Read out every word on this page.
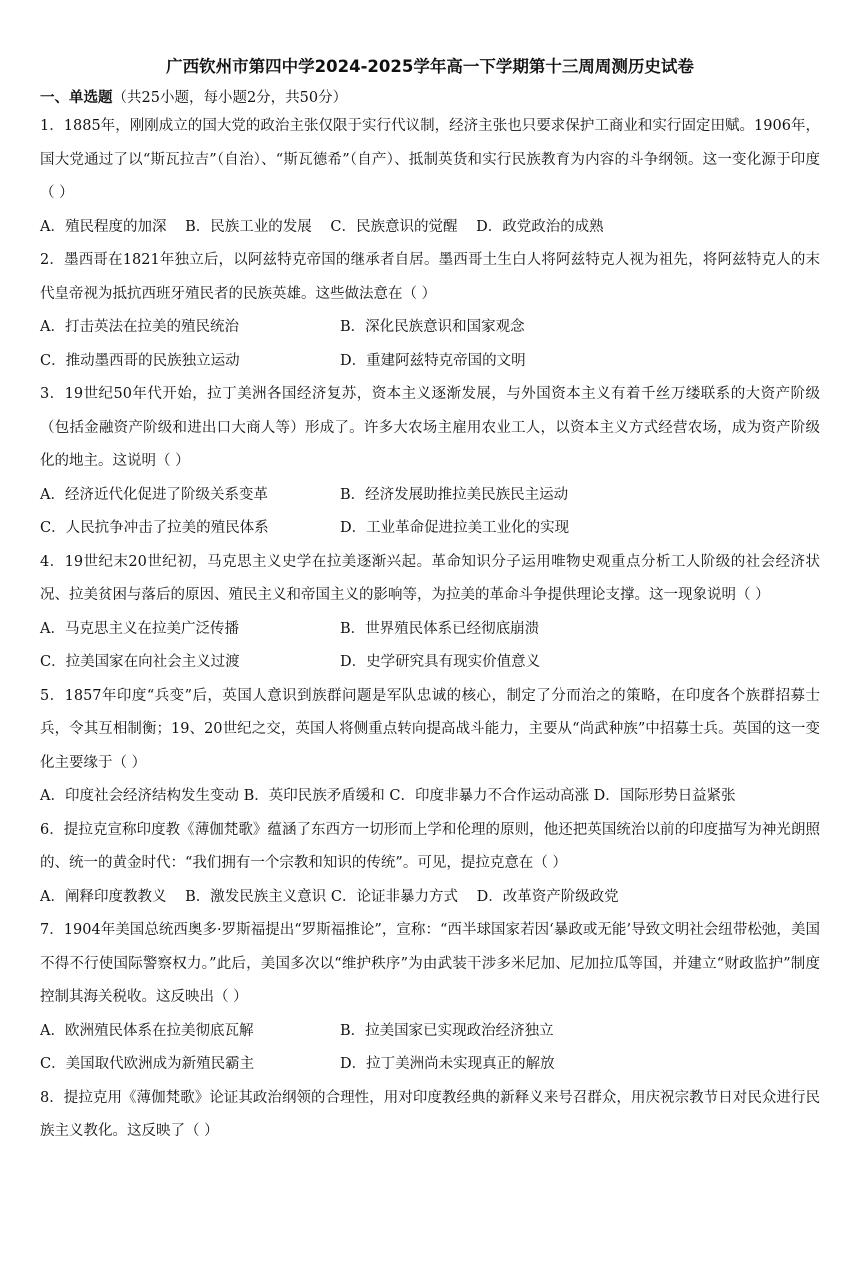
广西钦州市第四中学2024-2025学年高一下学期第十三周周测历史试卷
一、单选题（共25小题，每小题2分，共50分）
1．1885年，刚刚成立的国大党的政治主张仅限于实行代议制，经济主张也只要求保护工商业和实行固定田赋。1906年，国大党通过了以“斯瓦拉吉”（自治）、“斯瓦德希”（自产）、抵制英货和实行民族教育为内容的斗争纲领。这一变化源于印度（ ）
A．殖民程度的加深 B．民族工业的发展 C．民族意识的觉醒 D．政党政治的成熟
2．墨西哥在1821年独立后，以阿兹特克帝国的继承者自居。墨西哥土生白人将阿兹特克人视为祖先，将阿兹特克人的末代皇帝视为抵抗西班牙殖民者的民族英雄。这些做法意在（ ）
A．打击英法在拉美的殖民统治	B．深化民族意识和国家观念
C．推动墨西哥的民族独立运动	D．重建阿兹特克帝国的文明
3．19世纪50年代开始，拉丁美洲各国经济复苏，资本主义逐渐发展，与外国资本主义有着千丝万缕联系的大资产阶级（包括金融资产阶级和进出口大商人等）形成了。许多大农场主雇用农业工人，以资本主义方式经营农场，成为资产阶级化的地主。这说明（ ）
A．经济近代化促进了阶级关系变革	B．经济发展助推拉美民族民主运动
C．人民抗争冲击了拉美的殖民体系	D．工业革命促进拉美工业化的实现
4．19世纪末20世纪初，马克思主义史学在拉美逐渐兴起。革命知识分子运用唯物史观重点分析工人阶级的社会经济状况、拉美贫困与落后的原因、殖民主义和帝国主义的影响等，为拉美的革命斗争提供理论支撑。这一现象说明（ ）
A．马克思主义在拉美广泛传播	B．世界殖民体系已经彻底崩溃
C．拉美国家在向社会主义过渡	D．史学研究具有现实价值意义
5．1857年印度“兵变”后，英国人意识到族群问题是军队忠诚的核心，制定了分而治之的策略，在印度各个族群招募士兵，令其互相制衡；19、20世纪之交，英国人将侧重点转向提高战斗能力，主要从“尚武种族”中招募士兵。英国的这一变化主要缘于（ ）
A．印度社会经济结构发生变动 B．英印民族矛盾缓和 C．印度非暴力不合作运动高涨 D．国际形势日益紧张
6．提拉克宣称印度教《薄伽梵歌》蕴涵了东西方一切形而上学和伦理的原则，他还把英国统治以前的印度描写为神光朗照的、统一的黄金时代：“我们拥有一个宗教和知识的传统”。可见，提拉克意在（ ）
A．阐释印度教教义 B．激发民族主义意识 C．论证非暴力方式 D．改革资产阶级政党
7．1904年美国总统西奥多·罗斯福提出“罗斯福推论”，宣称：“西半球国家若因‘暴政或无能’导致文明社会纽带松弛，美国不得不行使国际警察权力。”此后，美国多次以“维护秩序”为由武装干涉多米尼加、尼加拉瓜等国，并建立“财政监护”制度控制其海关税收。这反映出（ ）
A．欧洲殖民体系在拉美彻底瓦解	B．拉美国家已实现政治经济独立
C．美国取代欧洲成为新殖民霸主	D．拉丁美洲尚未实现真正的解放
8．提拉克用《薄伽梵歌》论证其政治纲领的合理性，用对印度教经典的新释义来号召群众，用庆祝宗教节日对民众进行民族主义教化。这反映了（ ）
